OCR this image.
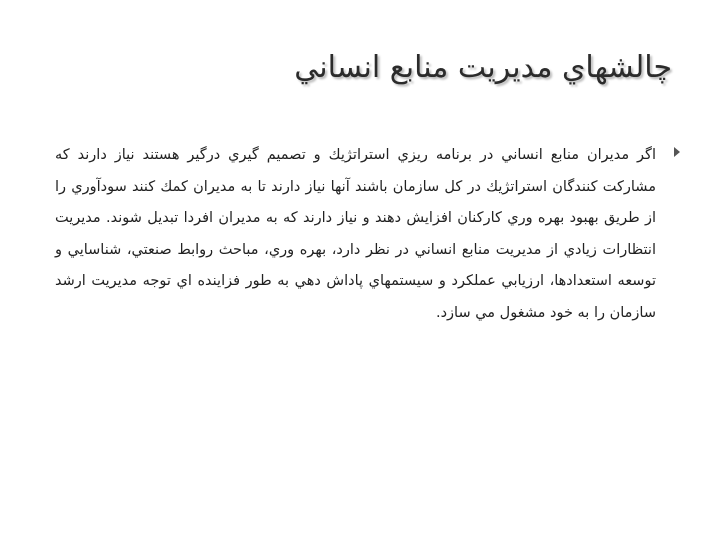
چالشهاي مديريت منابع انساني

اگر مديران منابع انساني در برنامه ريزي استراتژيك و تصميم گيري درگير هستند نياز دارند كه مشاركت كنندگان استراتژيك در كل سازمان باشند آنها نياز دارند تا به مديران كمك كنند سودآوري را از طريق بهبود بهره وري كاركنان افزايش دهند و نياز دارند كه به مديران افردا تبديل شوند. مديريت انتظارات زيادي از مديريت منابع انساني در نظر دارد، بهره وري، مباحث روابط صنعتي، شناسايي و توسعه استعدادها، ارزيابي عملكرد و سيستمهاي پاداش دهي به طور فزاينده اي توجه مديريت ارشد سازمان را به خود مشغول مي سازد.
